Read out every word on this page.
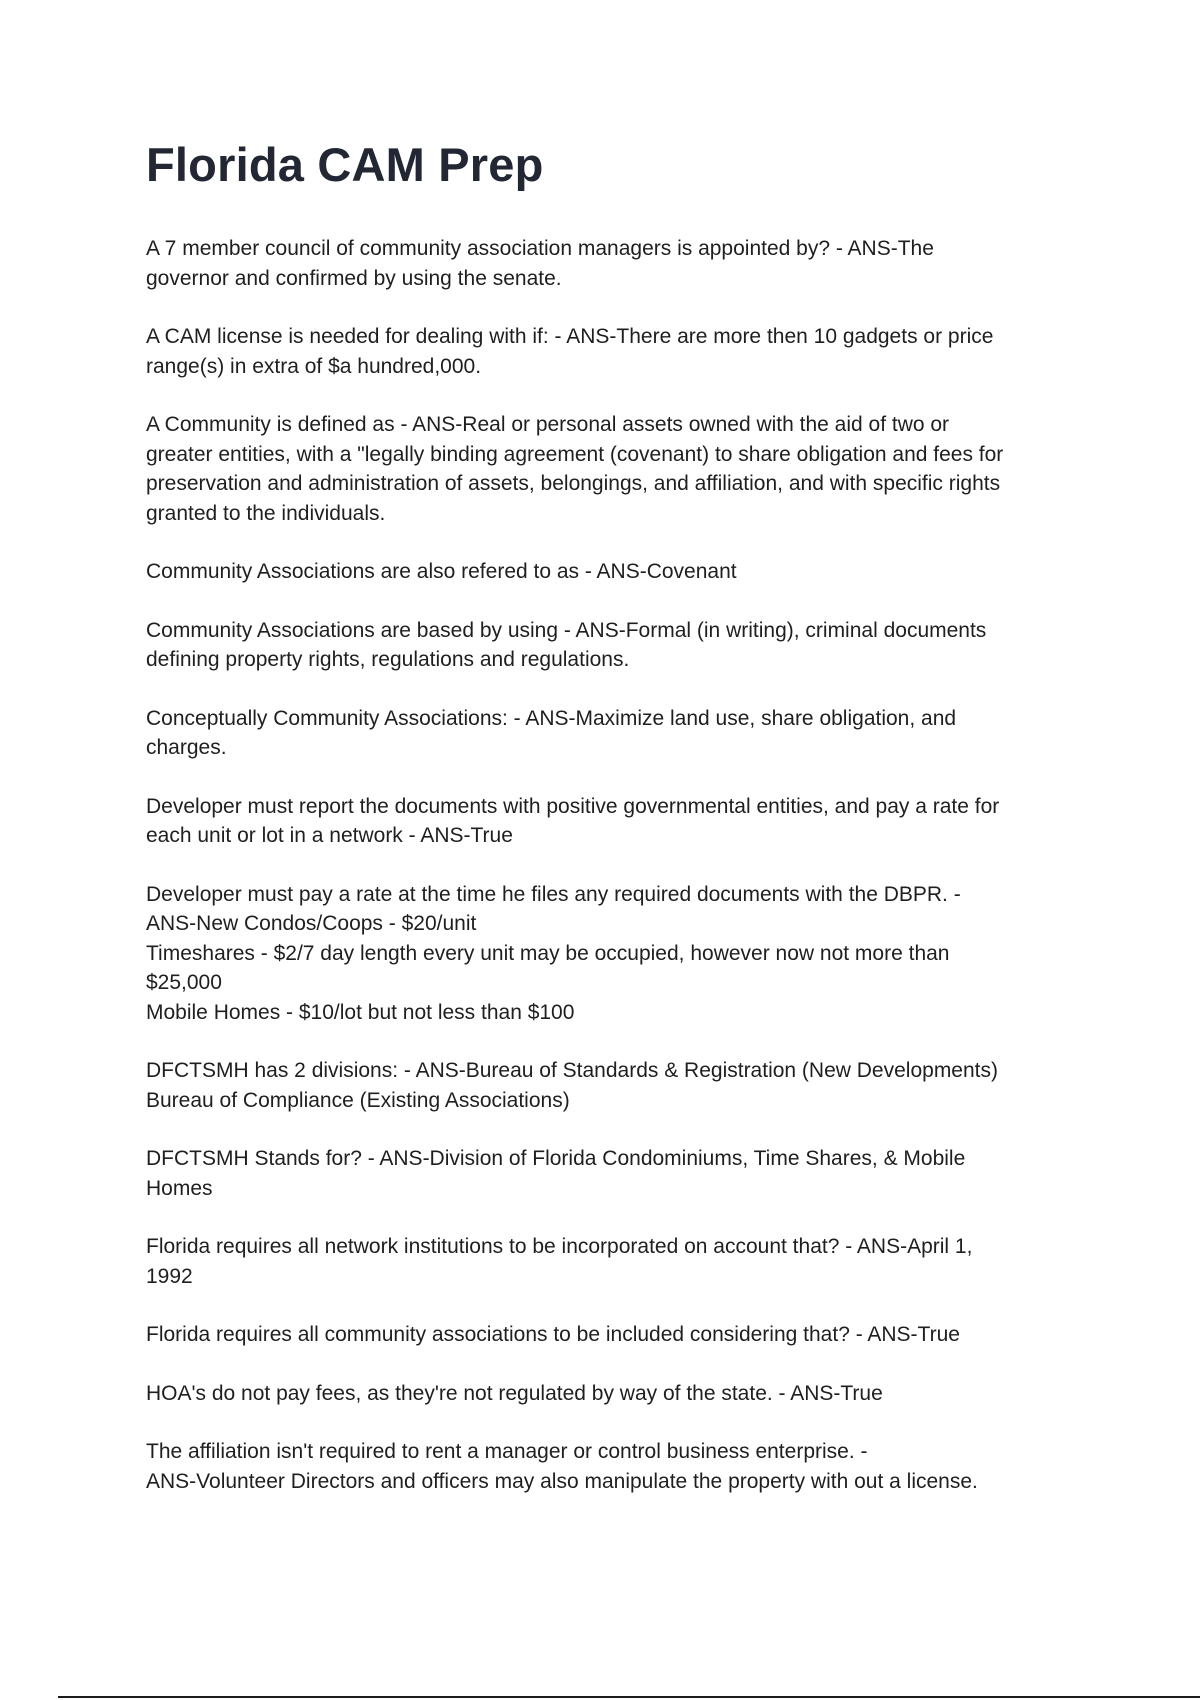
Florida CAM Prep

A 7 member council of community association managers is appointed by? - ANS-The
governor and confirmed by using the senate.

A CAM license is needed for dealing with if: - ANS-There are more then 10 gadgets or price
range(s) in extra of $a hundred,000.

A Community is defined as - ANS-Real or personal assets owned with the aid of two or
greater entities, with a "legally binding agreement (covenant) to share obligation and fees for
preservation and administration of assets, belongings, and affiliation, and with specific rights
granted to the individuals.

Community Associations are also refered to as - ANS-Covenant

Community Associations are based by using - ANS-Formal (in writing), criminal documents
defining property rights, regulations and regulations.

Conceptually Community Associations: - ANS-Maximize land use, share obligation, and
charges.

Developer must report the documents with positive governmental entities, and pay a rate for
each unit or lot in a network - ANS-True

Developer must pay a rate at the time he files any required documents with the DBPR. -
ANS-New Condos/Coops - $20/unit
Timeshares - $2/7 day length every unit may be occupied, however now not more than
$25,000
Mobile Homes - $10/lot but not less than $100

DFCTSMH has 2 divisions: - ANS-Bureau of Standards & Registration (New Developments)
Bureau of Compliance (Existing Associations)

DFCTSMH Stands for? - ANS-Division of Florida Condominiums, Time Shares, & Mobile
Homes

Florida requires all network institutions to be incorporated on account that? - ANS-April 1,
1992

Florida requires all community associations to be included considering that? - ANS-True

HOA's do not pay fees, as they're not regulated by way of the state. - ANS-True

The affiliation isn't required to rent a manager or control business enterprise. -
ANS-Volunteer Directors and officers may also manipulate the property with out a license.
